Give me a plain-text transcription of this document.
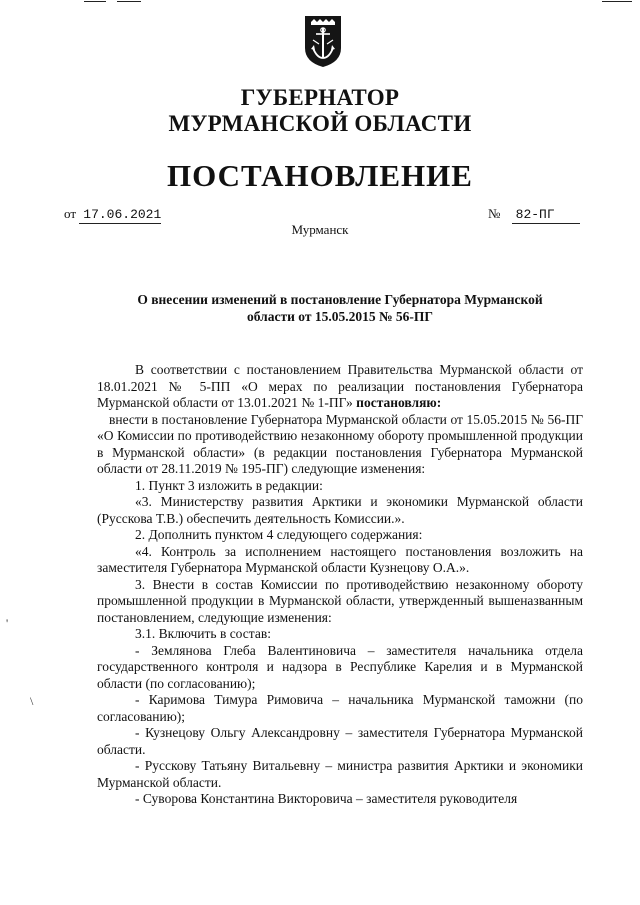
ГУБЕРНАТОР
МУРМАНСКОЙ ОБЛАСТИ
ПОСТАНОВЛЕНИЕ
от 17.06.2021	№ 82-ПГ
Мурманск
О внесении изменений в постановление Губернатора Мурманской
области от 15.05.2015 № 56-ПГ

В соответствии с постановлением Правительства Мурманской области от 18.01.2021 № 5-ПП «О мерах по реализации постановления Губернатора Мурманской области от 13.01.2021 № 1-ПГ» постановляю:

внести в постановление Губернатора Мурманской области от 15.05.2015 № 56-ПГ «О Комиссии по противодействию незаконному обороту промышленной продукции в Мурманской области» (в редакции постановления Губернатора Мурманской области от 28.11.2019 № 195-ПГ) следующие изменения:

1. Пункт 3 изложить в редакции:

«3. Министерству развития Арктики и экономики Мурманской области (Русскова Т.В.) обеспечить деятельность Комиссии.».

2. Дополнить пунктом 4 следующего содержания:

«4. Контроль за исполнением настоящего постановления возложить на заместителя Губернатора Мурманской области Кузнецову О.А.».

3. Внести в состав Комиссии по противодействию незаконному обороту промышленной продукции в Мурманской области, утвержденный вышеназванным постановлением, следующие изменения:

3.1. Включить в состав:

- Землянова Глеба Валентиновича – заместителя начальника отдела государственного контроля и надзора в Республике Карелия и в Мурманской области (по согласованию);

- Каримова Тимура Римовича – начальника Мурманской таможни (по согласованию);

- Кузнецову Ольгу Александровну – заместителя Губернатора Мурманской области.

- Русскову Татьяну Витальевну – министра развития Арктики и экономики Мурманской области.

- Суворова Константина Викторовича – заместителя руководителя

'
\
